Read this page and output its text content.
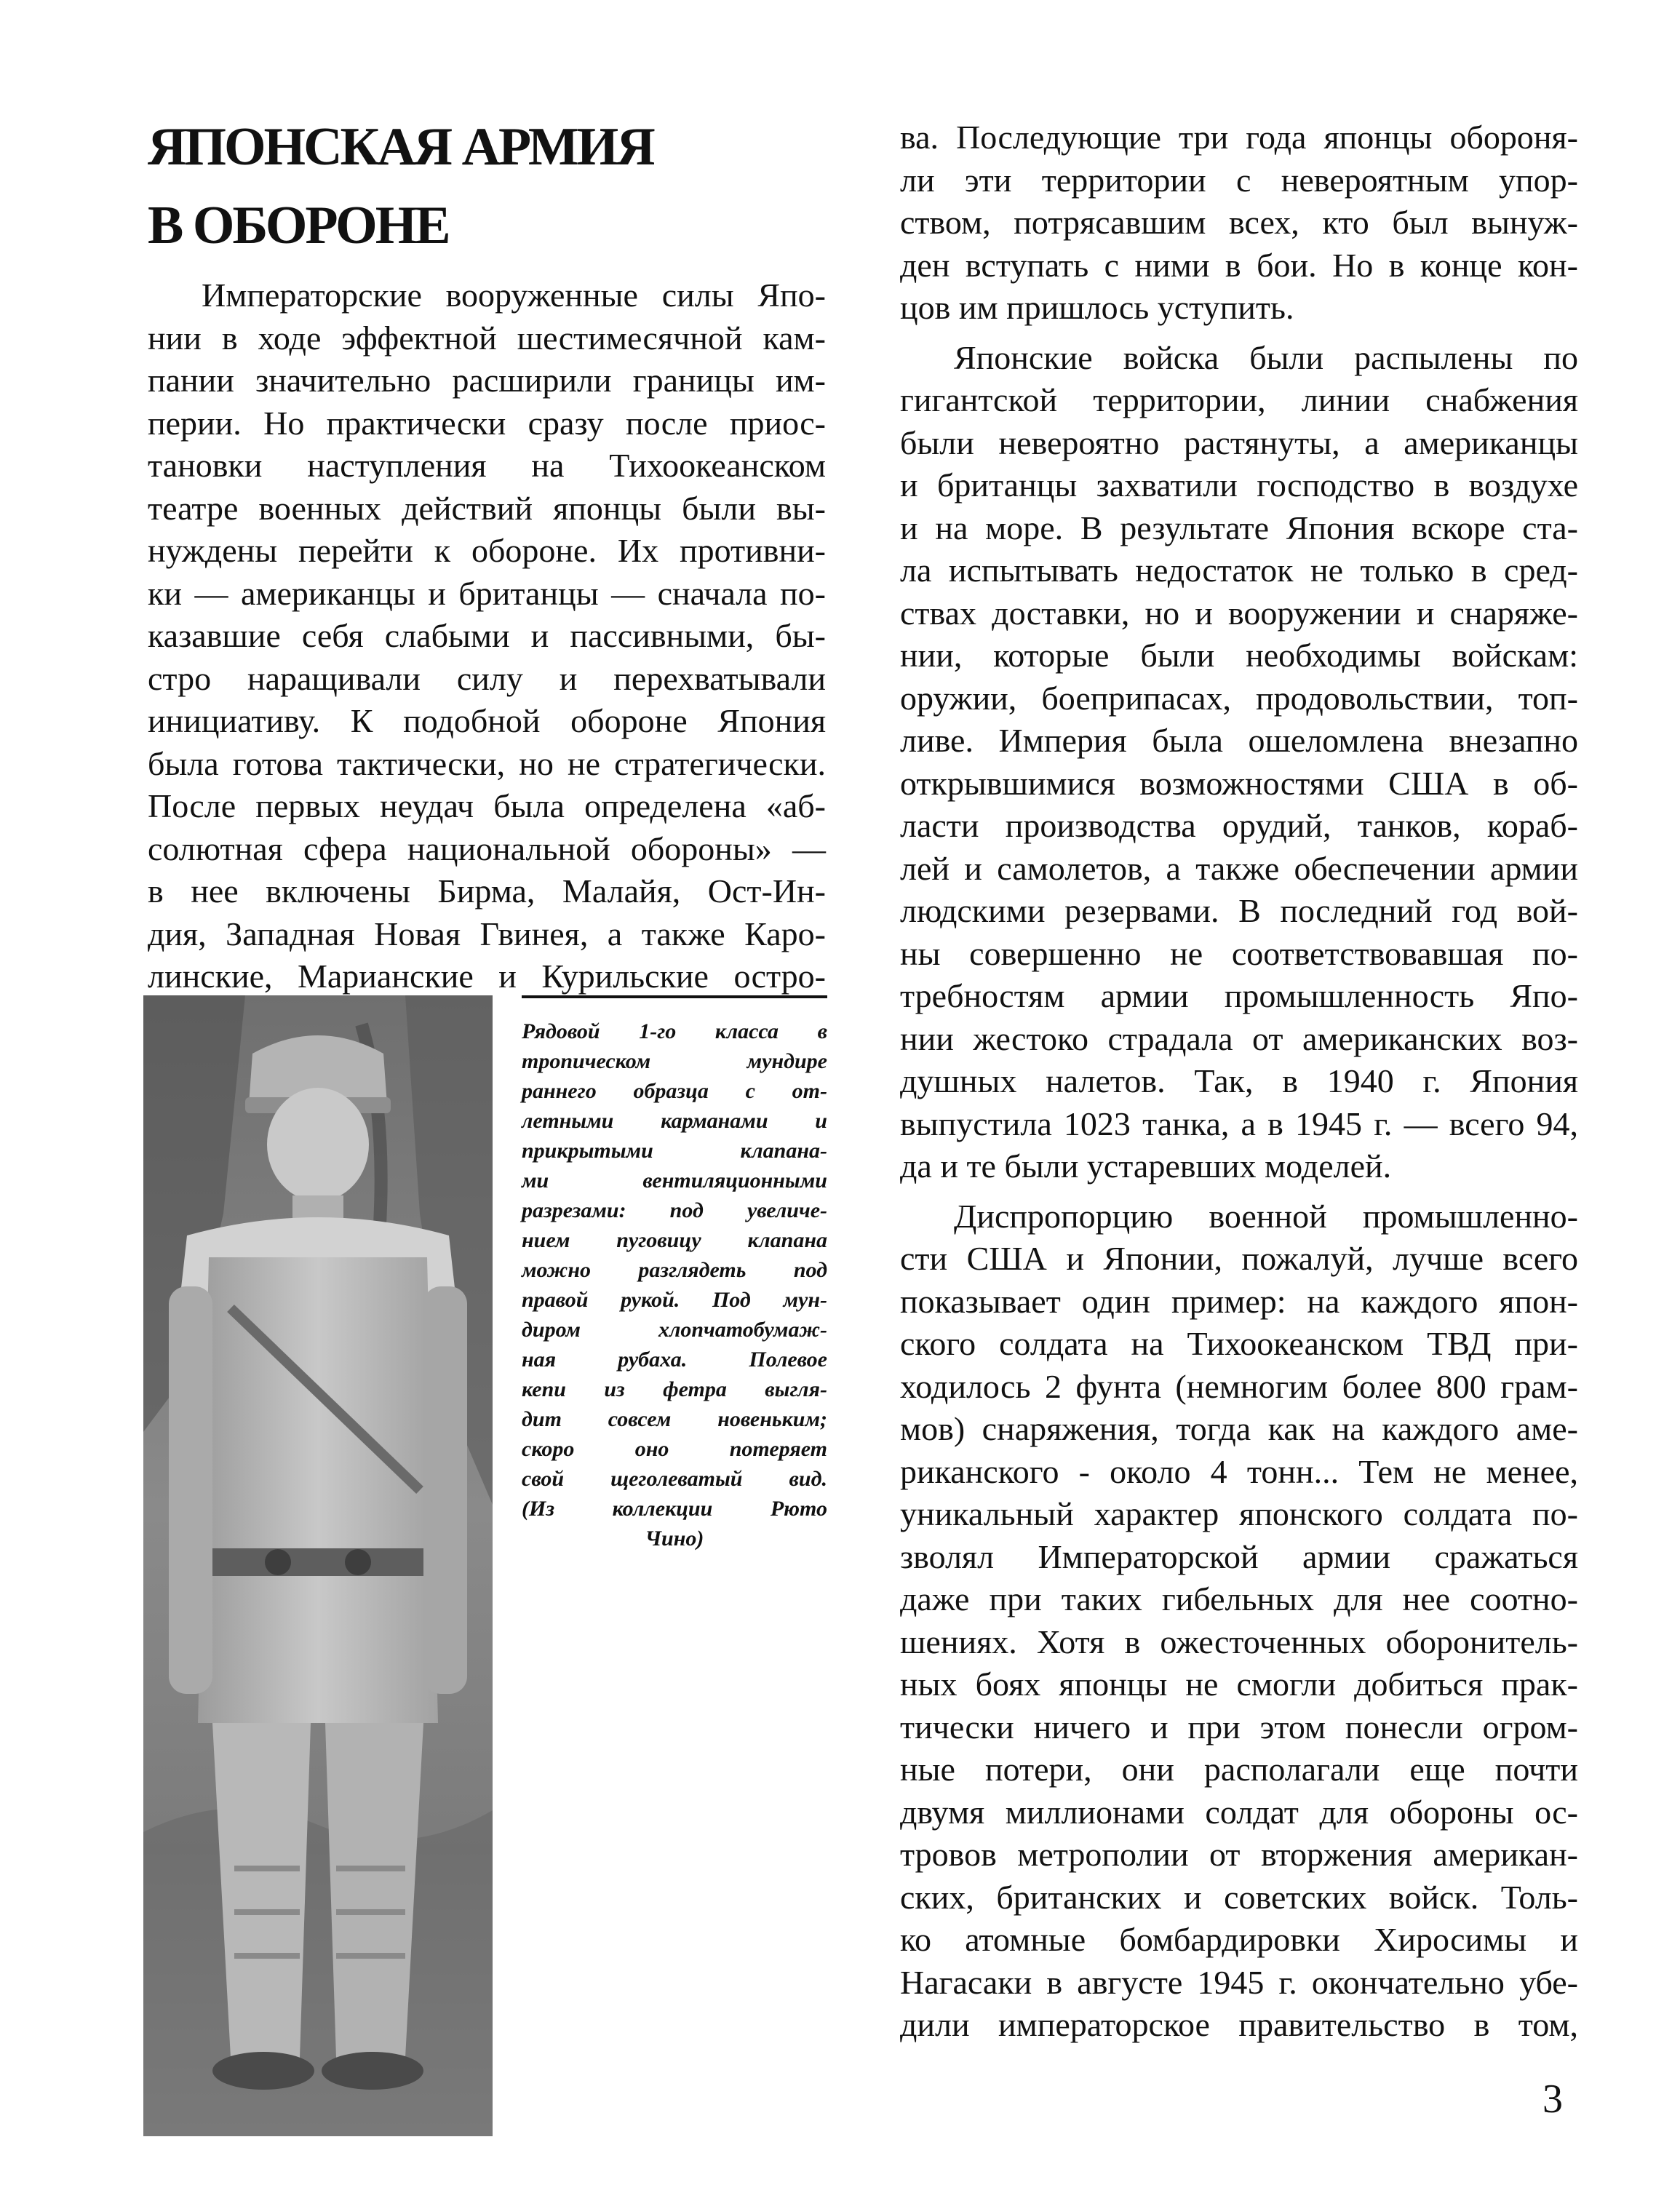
ЯПОНСКАЯ АРМИЯ
В ОБОРОНЕ
Императорские вооруженные силы Япо-
нии в ходе эффектной шестимесячной кам-
пании значительно расширили границы им-
перии. Но практически сразу после приос-
тановки наступления на Тихоокеанском
театре военных действий японцы были вы-
нуждены перейти к обороне. Их противни-
ки — американцы и британцы — сначала по-
казавшие себя слабыми и пассивными, бы-
стро наращивали силу и перехватывали
инициативу. К подобной обороне Япония
была готова тактически, но не стратегически.
После первых неудач была определена «аб-
солютная сфера национальной обороны» —
в нее включены Бирма, Малайя, Ост-Ин-
дия, Западная Новая Гвинея, а также Каро-
линские, Марианские и Курильские остро-
Рядовой 1-го класса в
тропическом мундире
раннего образца с от-
летными карманами и
прикрытыми клапана-
ми вентиляционными
разрезами: под увеличе-
нием пуговицу клапана
можно разглядеть под
правой рукой. Под мун-
диром хлопчатобумаж-
ная рубаха. Полевое
кепи из фетра выгля-
дит совсем новеньким;
скоро оно потеряет
свой щеголеватый вид.
(Из коллекции Рюто
Чино)
ва. Последующие три года японцы обороня-
ли эти территории с невероятным упор-
ством, потрясавшим всех, кто был вынуж-
ден вступать с ними в бои. Но в конце кон-
цов им пришлось уступить.
Японские войска были распылены по
гигантской территории, линии снабжения
были невероятно растянуты, а американцы
и британцы захватили господство в воздухе
и на море. В результате Япония вскоре ста-
ла испытывать недостаток не только в сред-
ствах доставки, но и вооружении и снаряже-
нии, которые были необходимы войскам:
оружии, боеприпасах, продовольствии, топ-
ливе. Империя была ошеломлена внезапно
открывшимися возможностями США в об-
ласти производства орудий, танков, кораб-
лей и самолетов, а также обеспечении армии
людскими резервами. В последний год вой-
ны совершенно не соответствовавшая по-
требностям армии промышленность Япо-
нии жестоко страдала от американских воз-
душных налетов. Так, в 1940 г. Япония
выпустила 1023 танка, а в 1945 г. — всего 94,
да и те были устаревших моделей.
Диспропорцию военной промышленно-
сти США и Японии, пожалуй, лучше всего
показывает один пример: на каждого япон-
ского солдата на Тихоокеанском ТВД при-
ходилось 2 фунта (немногим более 800 грам-
мов) снаряжения, тогда как на каждого аме-
риканского - около 4 тонн... Тем не менее,
уникальный характер японского солдата по-
зволял Императорской армии сражаться
даже при таких гибельных для нее соотно-
шениях. Хотя в ожесточенных оборонитель-
ных боях японцы не смогли добиться прак-
тически ничего и при этом понесли огром-
ные потери, они располагали еще почти
двумя миллионами солдат для обороны ос-
тровов метрополии от вторжения американ-
ских, британских и советских войск. Толь-
ко атомные бомбардировки Хиросимы и
Нагасаки в августе 1945 г. окончательно убе-
дили императорское правительство в том,
3
